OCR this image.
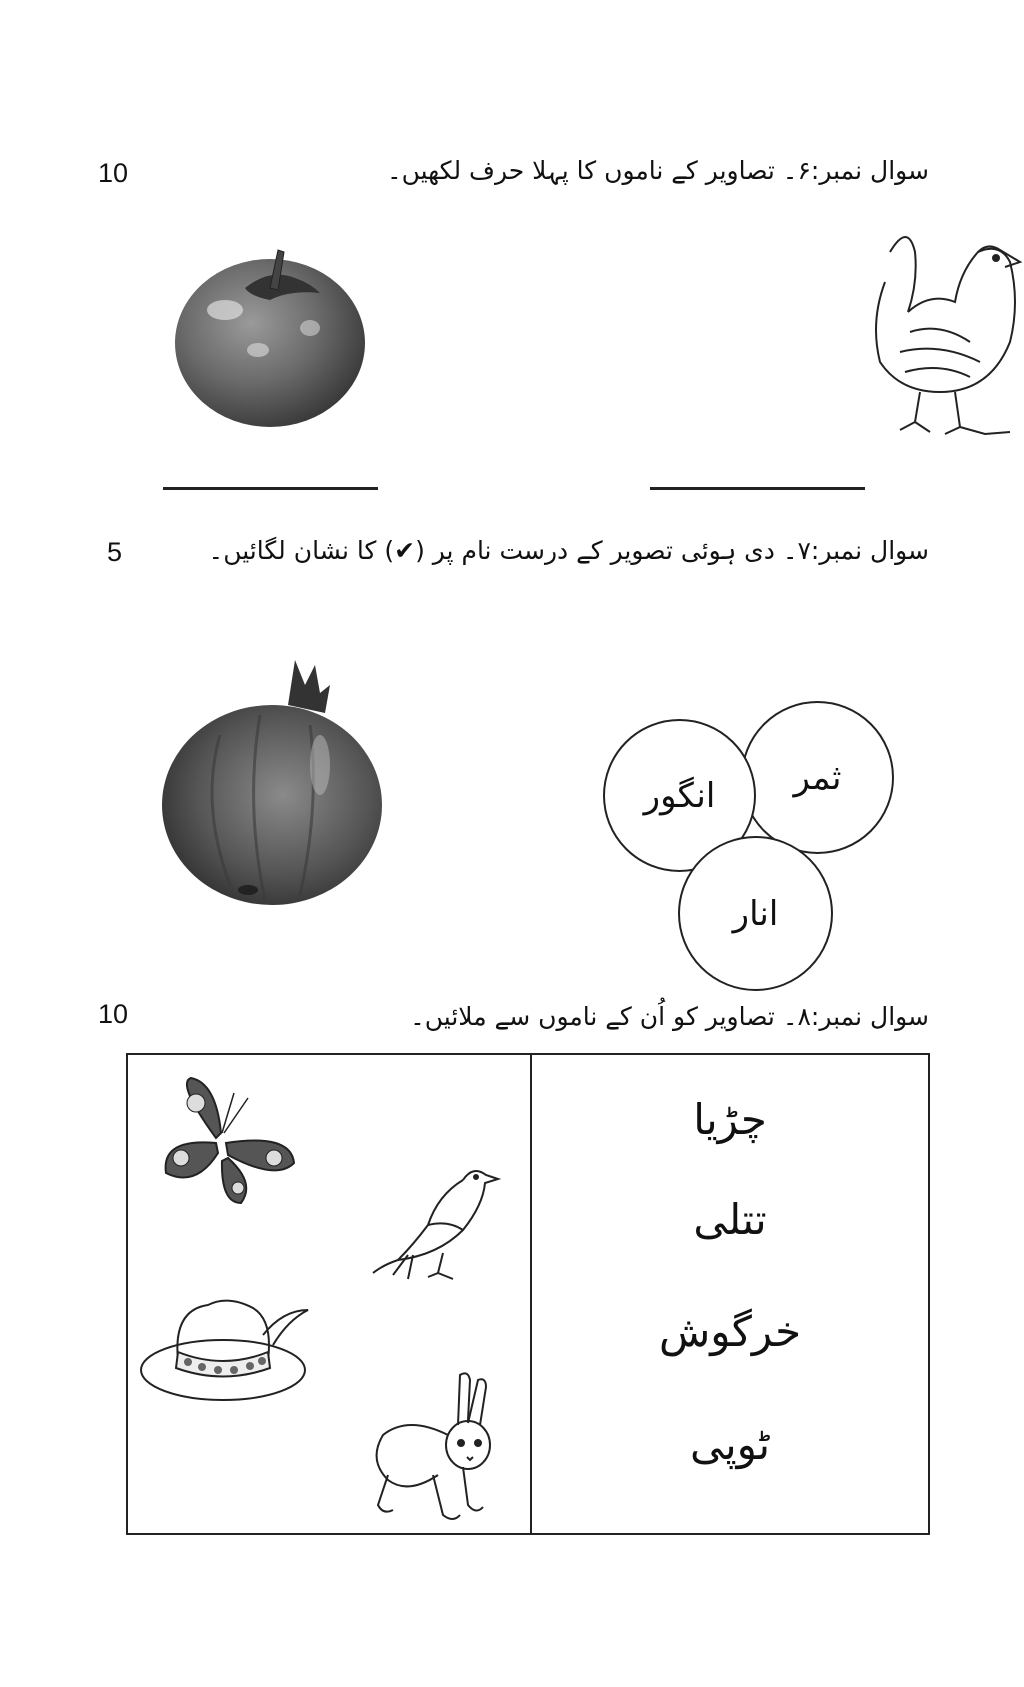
10	سوال نمبر:۶۔ تصاویر کے ناموں کا پہلا حرف لکھیں۔
5	سوال نمبر:۷۔ دی ہوئی تصویر کے درست نام پر (✔) کا نشان لگائیں۔
ثمر
انگور
انار
10	سوال نمبر:۸۔ تصاویر کو اُن کے ناموں سے ملائیں۔
چڑیا
تتلی
خرگوش
ٹوپی
